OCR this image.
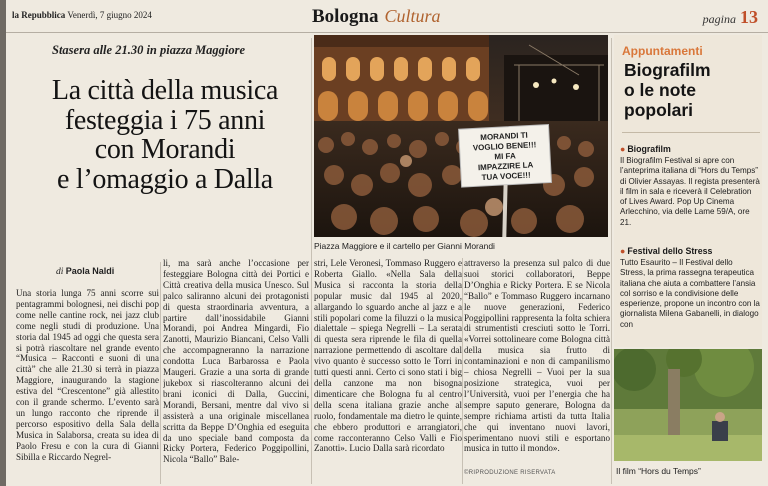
la Repubblica Venerdì, 7 giugno 2024	Bologna Cultura	pagina 13
Stasera alle 21.30 in piazza Maggiore
La città della musica
festeggia i 75 anni
con Morandi
e l’omaggio a Dalla
di Paola Naldi
Una storia lunga 75 anni scorre sui pentagrammi bolognesi, nei dischi pop come nelle cantine rock, nei jazz club come negli studi di produzione. Una storia dal 1945 ad oggi che questa sera si potrà riascoltare nel grande evento “Musica – Racconti e suoni di una città” che alle 21.30 si terrà in piazza Maggiore, inaugurando la stagione estiva del “Crescentone” già allestito con il grande schermo. L’evento sarà un lungo racconto che riprende il percorso espositivo della Sala della Musica in Salaborsa, creata su idea di Paolo Fresu e con la cura di Gianni Sibilla e Riccardo Negrel-
li, ma sarà anche l’occasione per festeggiare Bologna città dei Portici e Città creativa della musica Unesco. Sul palco saliranno alcuni dei protagonisti di questa straordinaria avventura, a partire dall’inossidabile Gianni Morandi, poi Andrea Mingardi, Fio Zanotti, Maurizio Biancani, Celso Valli che accompagneranno la narrazione condotta Luca Barbarossa e Paola Maugeri. Grazie a una sorta di grande jukebox si riascolteranno alcuni dei brani iconici di Dalla, Guccini, Morandi, Bersani, mentre dal vivo si assisterà a una originale miscellanea scritta da Beppe D’Onghia ed eseguita da uno speciale band composta da Ricky Portera, Federico Poggipollini, Nicola “Ballo” Bale-
stri, Lele Veronesi, Tommaso Ruggero e Roberta Giallo. «Nella Sala della Musica si racconta la storia della popular music dal 1945 al 2020, allargando lo sguardo anche al jazz e a stili popolari come la filuzzi o la musica dialettale – spiega Negrelli – La serata di questa sera riprende le fila di quella narrazione permettendo di ascoltare dal vivo quanto è successo sotto le Torri in tutti questi anni. Certo ci sono stati i big della canzone ma non bisogna dimenticare che Bologna fu al centro della scena italiana grazie anche al ruolo, fondamentale ma dietro le quinte, che ebbero produttori e arrangiatori, come racconteranno Celso Valli e Fio Zanotti». Lucio Dalla sarà ricordato
attraverso la presenza sul palco di due suoi storici collaboratori, Beppe D’Onghia e Ricky Portera. E se Nicola “Ballo” e Tommaso Ruggero incarnano le nuove generazioni, Federico Poggipollini rappresenta la folta schiera di strumentisti cresciuti sotto le Torri. «Vorrei sottolineare come Bologna città della musica sia frutto di contaminazioni e non di campanilismo – chiosa Negrelli – Vuoi per la sua posizione strategica, vuoi per l’Università, vuoi per l’energia che ha sempre saputo generare, Bologna da sempre richiama artisti da tutta Italia che qui inventano nuovi lavori, sperimentano nuovi stili e esportano musica in tutto il mondo».
©RIPRODUZIONE RISERVATA
MORANDI TI
VOGLIO BENE!!!
MI FA
IMPAZZIRE LA
TUA VOCE!!!
Piazza Maggiore e il cartello per Gianni Morandi
Appuntamenti
Biografilm
o le note
popolari
● Biografilm
Il Biografilm Festival si apre con l’anteprima italiana di “Hors du Temps” di Olivier Assayas. Il regista presenterà il film in sala e riceverà il Celebration of Lives Award. Pop Up Cinema Arlecchino, via delle Lame 59/A, ore 21.
● Festival dello Stress
Tutto Esaurito – Il Festival dello Stress, la prima rassegna terapeutica italiana che aiuta a combattere l’ansia col sorriso e la condivisione delle esperienze, propone un incontro con la giornalista Milena Gabanelli, in dialogo con
Il film “Hors du Temps”
